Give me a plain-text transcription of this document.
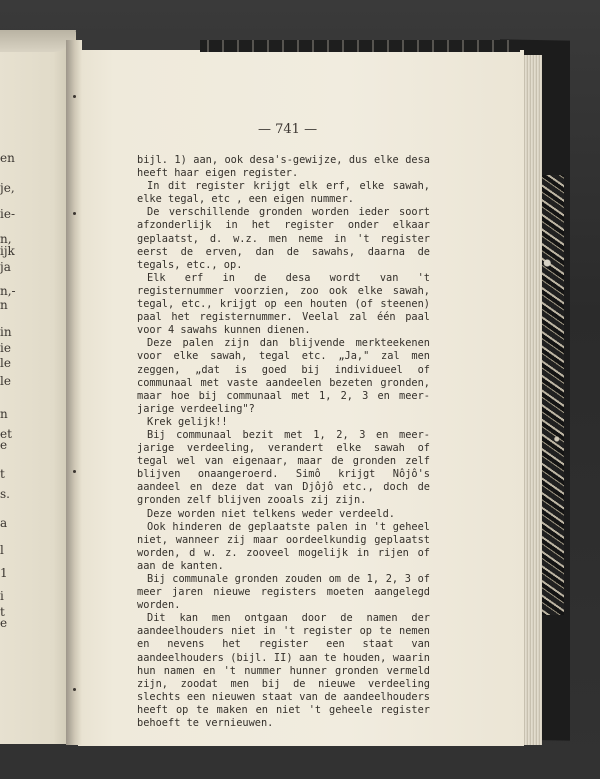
en
je,
ie-
n,
ijk
ja
n,-
n
in
ie
le
le
n
et
e
t
s.
a
l
1
i
t
e
— 741 —

bijl. 1) aan, ook desa's-gewijze, dus elke desa heeft haar eigen register.

In dit register krijgt elk erf, elke sawah, elke tegal, etc , een eigen nummer.

De verschillende gronden worden ieder soort afzonderlijk in het register onder elkaar geplaatst, d. w.z. men neme in 't register eerst de erven, dan de sawahs, daarna de tegals, etc., op.

Elk erf in de desa wordt van 't registernummer voorzien, zoo ook elke sawah, tegal, etc., krijgt op een houten (of steenen) paal het registernummer. Veelal zal één paal voor 4 sawahs kunnen dienen.

Deze palen zijn dan blijvende merkteekenen voor elke sawah, tegal etc. „Ja," zal men zeggen, „dat is goed bij individueel of communaal met vaste aandeelen bezeten gronden, maar hoe bij communaal met 1, 2, 3 en meer-jarige verdeeling"?

Krek gelijk!!

Bij communaal bezit met 1, 2, 3 en meer-jarige verdeeling, verandert elke sawah of tegal wel van eigenaar, maar de gronden zelf blijven onaangeroerd. Simô krijgt Nôjô's aandeel en deze dat van Djôjô etc., doch de gronden zelf blijven zooals zij zijn.

Deze worden niet telkens weder verdeeld.

Ook hinderen de geplaatste palen in 't geheel niet, wanneer zij maar oordeelkundig geplaatst worden, d w. z. zooveel mogelijk in rijen of aan de kanten.

Bij communale gronden zouden om de 1, 2, 3 of meer jaren nieuwe registers moeten aangelegd worden.

Dit kan men ontgaan door de namen der aandeelhouders niet in 't register op te nemen en nevens het register een staat van aandeelhouders (bijl. II) aan te houden, waarin hun namen en 't nummer hunner gronden vermeld zijn, zoodat men bij de nieuwe verdeeling slechts een nieuwen staat van de aandeelhouders heeft op te maken en niet 't geheele register behoeft te vernieuwen.
